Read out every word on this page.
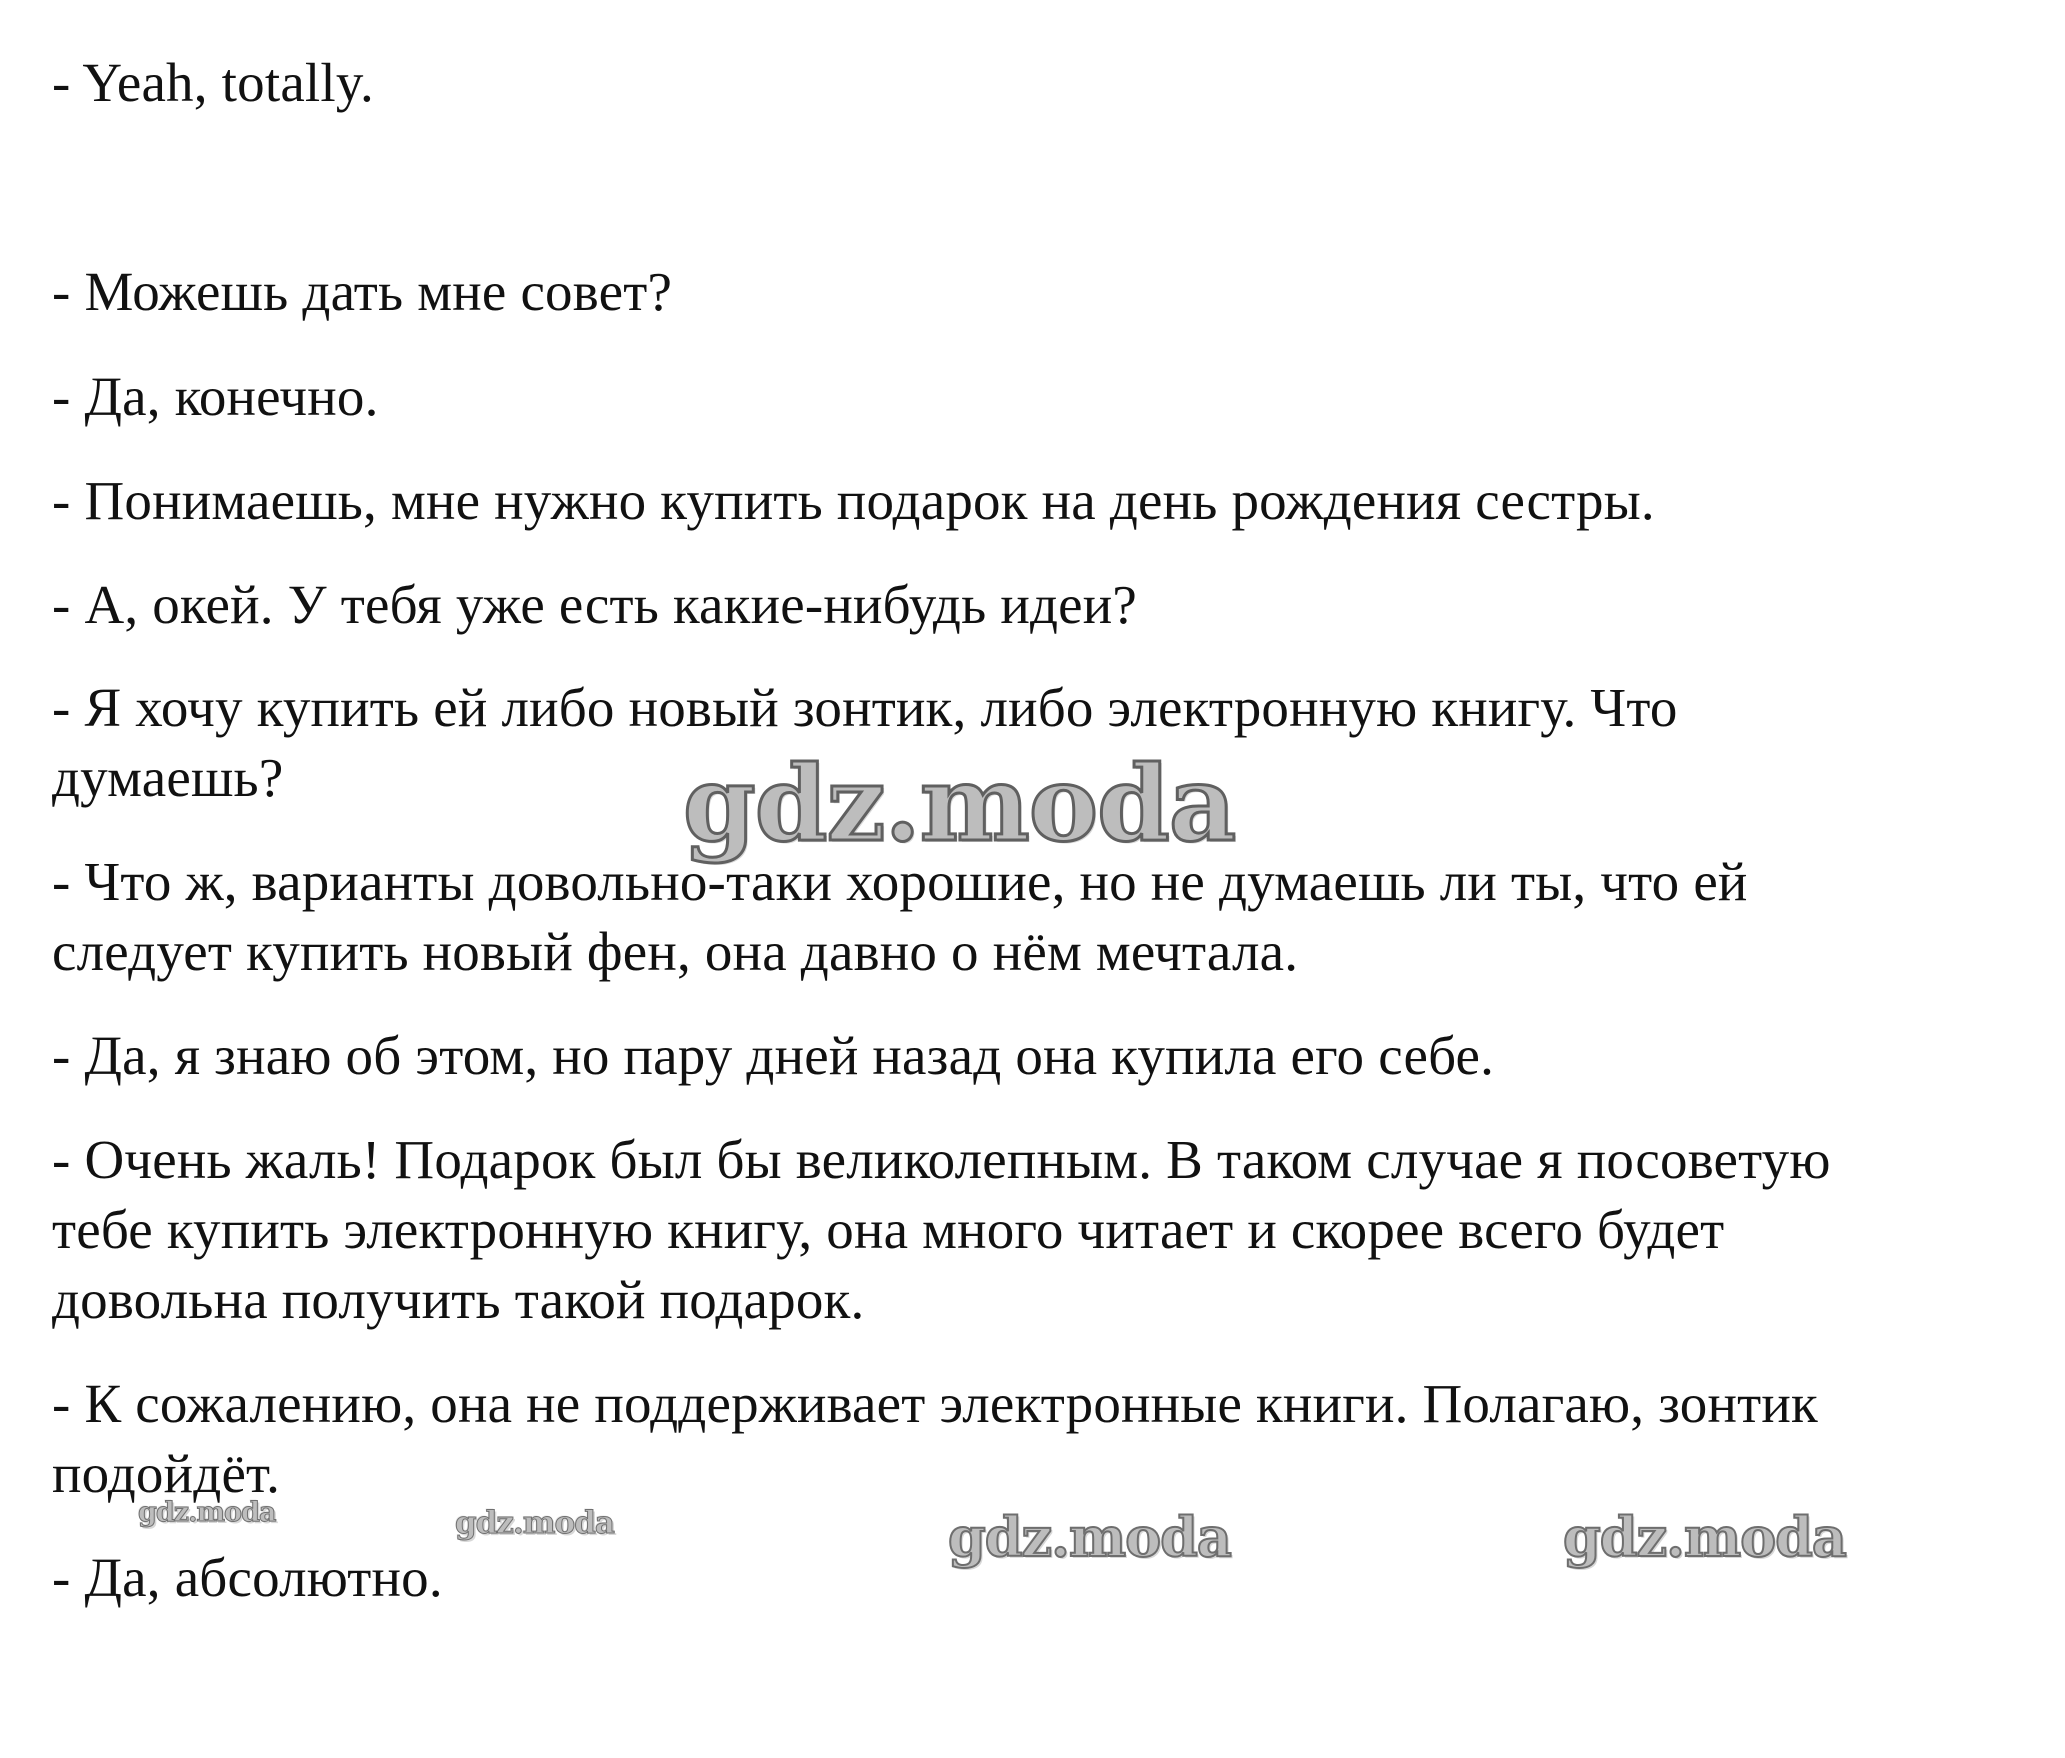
- Yeah, totally.

- Можешь дать мне совет?

- Да, конечно.

- Понимаешь, мне нужно купить подарок на день рождения сестры.

- А, окей. У тебя уже есть какие-нибудь идеи?

- Я хочу купить ей либо новый зонтик, либо электронную книгу. Что

думаешь?

- Что ж, варианты довольно-таки хорошие, но не думаешь ли ты, что ей

следует купить новый фен, она давно о нём мечтала.

- Да, я знаю об этом, но пару дней назад она купила его себе.

- Очень жаль! Подарок был бы великолепным. В таком случае я посоветую

тебе купить электронную книгу, она много читает и скорее всего будет

довольна получить такой подарок.

- К сожалению, она не поддерживает электронные книги. Полагаю, зонтик

подойдёт.

- Да, абсолютно.

gdz.moda
gdz.moda	gdz.moda	gdz.moda	gdz.moda
